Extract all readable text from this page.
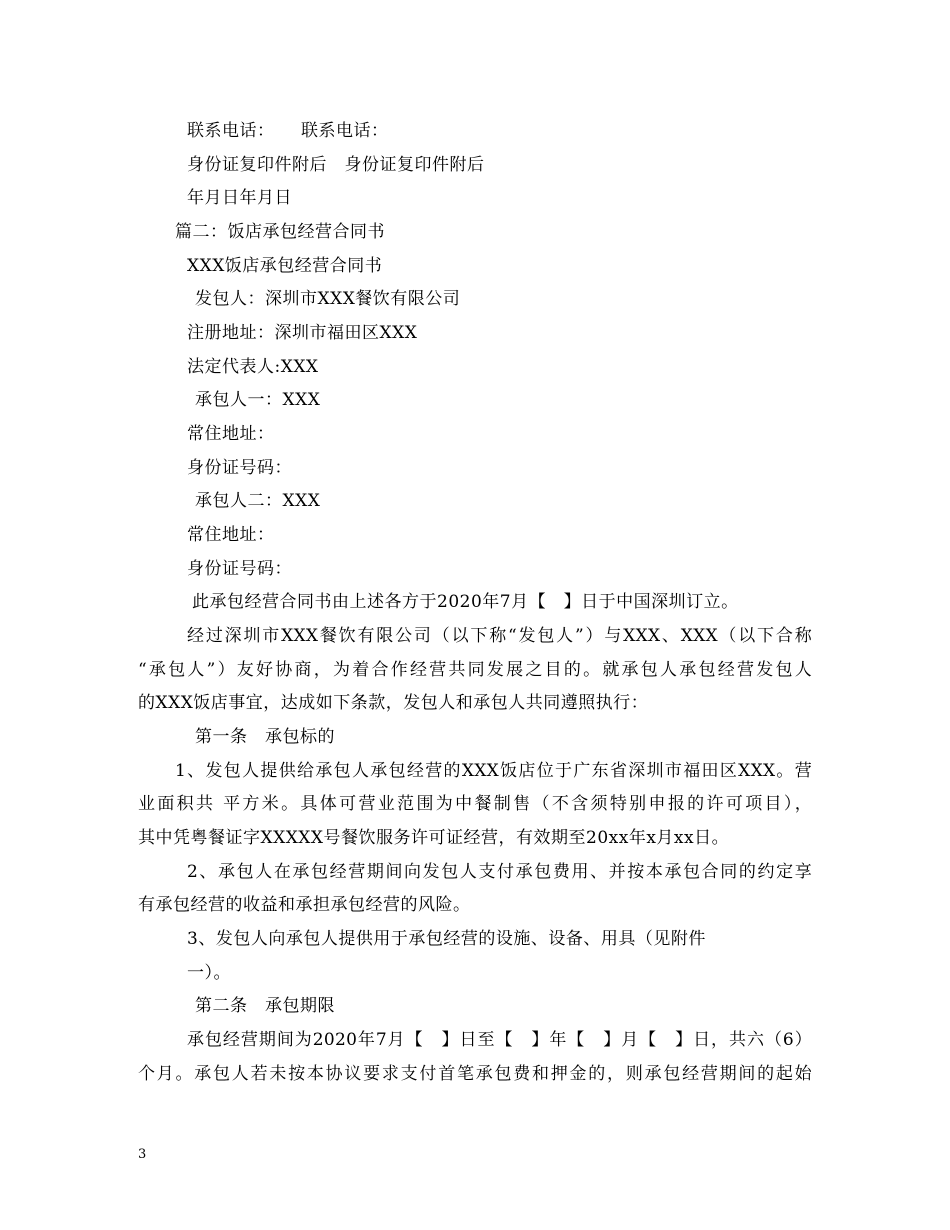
联系电话：　　联系电话：
身份证复印件附后　身份证复印件附后
年月日年月日
篇二：饭店承包经营合同书
XXX饭店承包经营合同书
发包人：深圳市XXX餐饮有限公司
注册地址：深圳市福田区XXX
法定代表人:XXX
承包人一：XXX
常住地址：
身份证号码：
承包人二：XXX
常住地址：
身份证号码：
此承包经营合同书由上述各方于2020年7月【　】日于中国深圳订立。
经过深圳市XXX餐饮有限公司（以下称“发包人”）与XXX、XXX（以下合称
“承包人”）友好协商，为着合作经营共同发展之目的。就承包人承包经营发包人
的XXX饭店事宜，达成如下条款，发包人和承包人共同遵照执行：
第一条　承包标的
1、发包人提供给承包人承包经营的XXX饭店位于广东省深圳市福田区XXX。营
业面积共 平方米。具体可营业范围为中餐制售（不含须特别申报的许可项目），
其中凭粤餐证字XXXXX号餐饮服务许可证经营，有效期至20xx年x月xx日。
2、承包人在承包经营期间向发包人支付承包费用、并按本承包合同的约定享
有承包经营的收益和承担承包经营的风险。
3、发包人向承包人提供用于承包经营的设施、设备、用具（见附件
一）。
第二条　承包期限
承包经营期间为2020年7月【　】日至【　】年【　】月【　】日，共六（6）
个月。承包人若未按本协议要求支付首笔承包费和押金的，则承包经营期间的起始
3
